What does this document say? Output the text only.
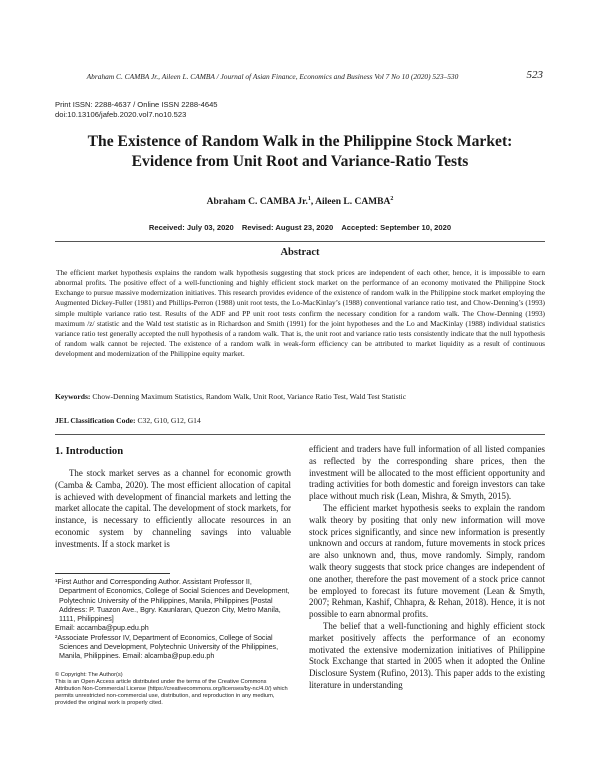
Abraham C. CAMBA Jr., Aileen L. CAMBA / Journal of Asian Finance, Economics and Business Vol 7 No 10 (2020) 523–530	523
Print ISSN: 2288-4637 / Online ISSN 2288-4645
doi:10.13106/jafeb.2020.vol7.no10.523
The Existence of Random Walk in the Philippine Stock Market:
Evidence from Unit Root and Variance-Ratio Tests
Abraham C. CAMBA Jr.$^1$, Aileen L. CAMBA$^2$
Received: July 03, 2020 Revised: August 23, 2020 Accepted: September 10, 2020
Abstract
The efficient market hypothesis explains the random walk hypothesis suggesting that stock prices are independent of each other, hence, it is impossible to earn abnormal profits. The positive effect of a well-functioning and highly efficient stock market on the performance of an economy motivated the Philippine Stock Exchange to pursue massive modernization initiatives. This research provides evidence of the existence of random walk in the Philippine stock market employing the Augmented Dickey-Fuller (1981) and Phillips-Perron (1988) unit root tests, the Lo-MacKinlay’s (1988) conventional variance ratio test, and Chow-Denning’s (1993) simple multiple variance ratio test. Results of the ADF and PP unit root tests confirm the necessary condition for a random walk. The Chow-Denning (1993) maximum /z/ statistic and the Wald test statistic as in Richardson and Smith (1991) for the joint hypotheses and the Lo and MacKinlay (1988) individual statistics variance ratio test generally accepted the null hypothesis of a random walk. That is, the unit root and variance ratio tests consistently indicate that the null hypothesis of random walk cannot be rejected. The existence of a random walk in weak-form efficiency can be attributed to market liquidity as a result of continuous development and modernization of the Philippine equity market.
Keywords: Chow-Denning Maximum Statistics, Random Walk, Unit Root, Variance Ratio Test, Wald Test Statistic
JEL Classification Code: C32, G10, G12, G14
1. Introduction

The stock market serves as a channel for economic growth (Camba & Camba, 2020). The most efficient allocation of capital is achieved with development of financial markets and letting the market allocate the capital. The development of stock markets, for instance, is necessary to efficiently allocate resources in an economic system by channeling savings into valuable investments. If a stock market is

efficient and traders have full information of all listed companies as reflected by the corresponding share prices, then the investment will be allocated to the most efficient opportunity and trading activities for both domestic and foreign investors can take place without much risk (Lean, Mishra, & Smyth, 2015).

The efficient market hypothesis seeks to explain the random walk theory by positing that only new information will move stock prices significantly, and since new information is presently unknown and occurs at random, future movements in stock prices are also unknown and, thus, move randomly. Simply, random walk theory suggests that stock price changes are independent of one another, therefore the past movement of a stock price cannot be employed to forecast its future movement (Lean & Smyth, 2007; Rehman, Kashif, Chhapra, & Rehan, 2018). Hence, it is not possible to earn abnormal profits.

The belief that a well-functioning and highly efficient stock market positively affects the performance of an economy motivated the extensive modernization initiatives of Philippine Stock Exchange that started in 2005 when it adopted the Online Disclosure System (Rufino, 2013). This paper adds to the existing literature in understanding

¹First Author and Corresponding Author. Assistant Professor II, Department of Economics, College of Social Sciences and Development, Polytechnic University of the Philippines, Manila, Philippines [Postal Address: P. Tuazon Ave., Bgry. Kaunlaran, Quezon City, Metro Manila, 1111, Philippines]

Email: accamba@pup.edu.ph

²Associate Professor IV, Department of Economics, College of Social Sciences and Development, Polytechnic University of the Philippines, Manila, Philippines. Email: alcamba@pup.edu.ph

© Copyright: The Author(s)

This is an Open Access article distributed under the terms of the Creative Commons Attribution Non-Commercial License (https://creativecommons.org/licenses/by-nc/4.0/) which permits unrestricted non-commercial use, distribution, and reproduction in any medium, provided the original work is properly cited.
